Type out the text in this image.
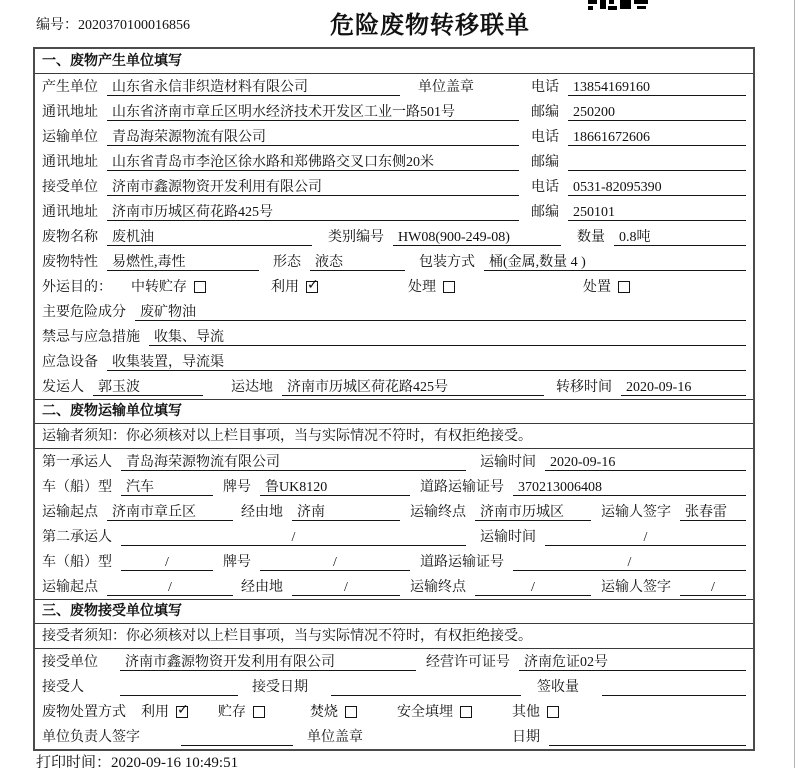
编号：2020370100016856	危险废物转移联单
一、废物产生单位填写
产生单位	山东省永信非织造材料有限公司	单位盖章	电话	13854169160
通讯地址	山东省济南市章丘区明水经济技术开发区工业一路501号	邮编	250200
运输单位	青岛海荣源物流有限公司	电话	18661672606
通讯地址	山东省青岛市李沧区徐水路和郑佛路交叉口东侧20米	邮编
接受单位	济南市鑫源物资开发利用有限公司	电话	0531-82095390
通讯地址	济南市历城区荷花路425号	邮编	250101
废物名称	废机油	类别编号	HW08(900-249-08)	数量	0.8吨
废物特性	易燃性,毒性	形态	液态	包装方式	桶(金属,数量 4 )
外运目的： 中转贮存	利用 ✓	处理	处置
主要危险成分	废矿物油
禁忌与应急措施	收集、导流
应急设备	收集装置，导流渠
发运人	郭玉波	运达地	济南市历城区荷花路425号	转移时间	2020-09-16
二、废物运输单位填写
运输者须知：你必须核对以上栏目事项，当与实际情况不符时，有权拒绝接受。
第一承运人	青岛海荣源物流有限公司	运输时间	2020-09-16
车（船）型	汽车	牌号	鲁UK8120	道路运输证号	370213006408
运输起点	济南市章丘区	经由地	济南	运输终点	济南市历城区	运输人签字	张春雷
第二承运人	/	运输时间	/
车（船）型	/	牌号	/	道路运输证号	/
运输起点	/	经由地	/	运输终点	/	运输人签字	/
三、废物接受单位填写
接受者须知：你必须核对以上栏目事项，当与实际情况不符时，有权拒绝接受。
接受单位	济南市鑫源物资开发利用有限公司	经营许可证号	济南危证02号
接受人	接受日期	签收量
废物处置方式 利用 ✓	贮存	焚烧	安全填埋	其他
单位负责人签字	单位盖章	日期
打印时间：2020-09-16 10:49:51
